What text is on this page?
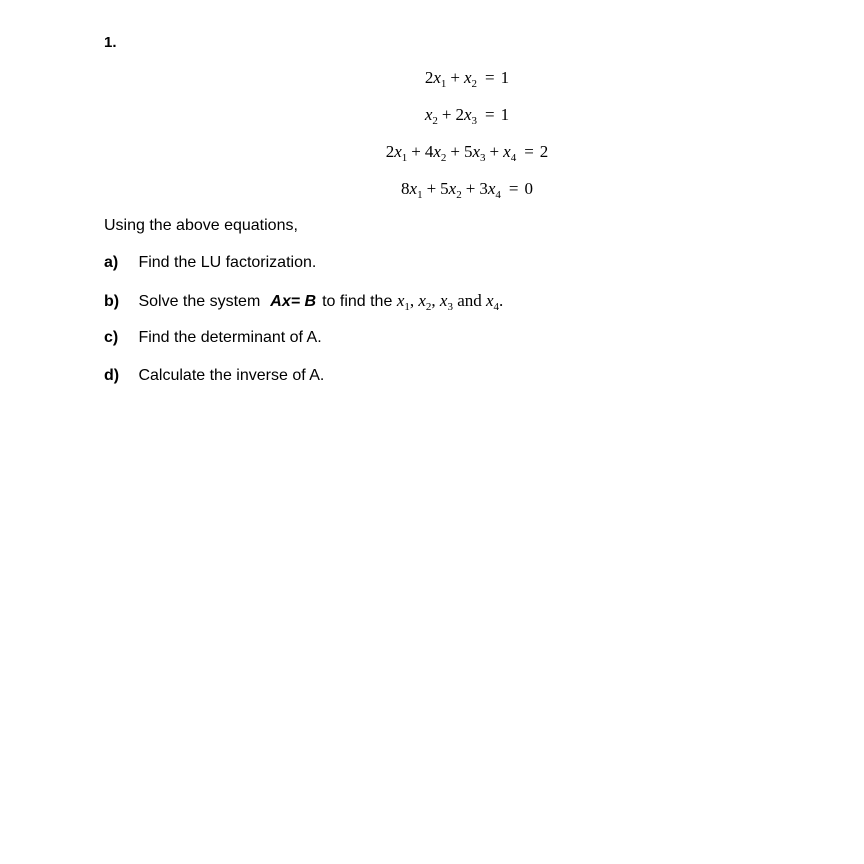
1.
$2x_1 + x_2 = 1$
$x_2 + 2x_3 = 1$
$2x_1 + 4x_2 + 5x_3 + x_4 = 2$
$8x_1 + 5x_2 + 3x_4 = 0$
Using the above equations,
a) Find the LU factorization.
b) Solve the system Ax= B to find the $x_1$, $x_2$, $x_3$ and $x_4$.
c) Find the determinant of A.
d) Calculate the inverse of A.
